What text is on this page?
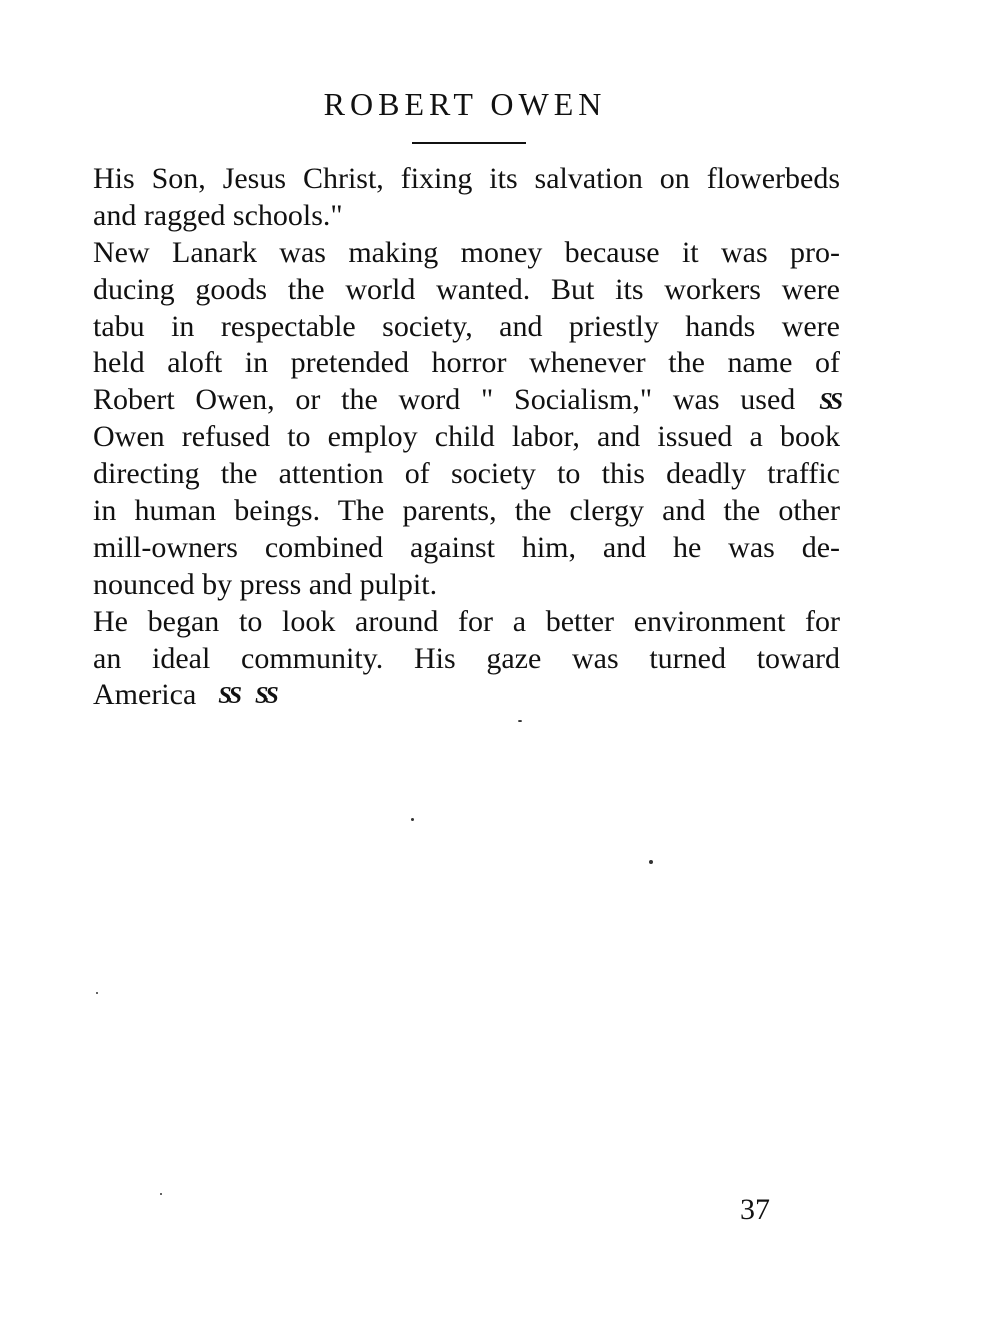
ROBERT OWEN
His Son, Jesus Christ, fixing its salvation on flowerbeds
and ragged schools."
New Lanark was making money because it was pro-
ducing goods the world wanted. But its workers were
tabu in respectable society, and priestly hands were
held aloft in pretended horror whenever the name of
Robert Owen, or the word " Socialism," was used ЅЅ
Owen refused to employ child labor, and issued a book
directing the attention of society to this deadly traffic
in human beings. The parents, the clergy and the other
mill-owners combined against him, and he was de-
nounced by press and pulpit.
He began to look around for a better environment for
an ideal community. His gaze was turned toward
America ЅЅ ЅЅ
37
